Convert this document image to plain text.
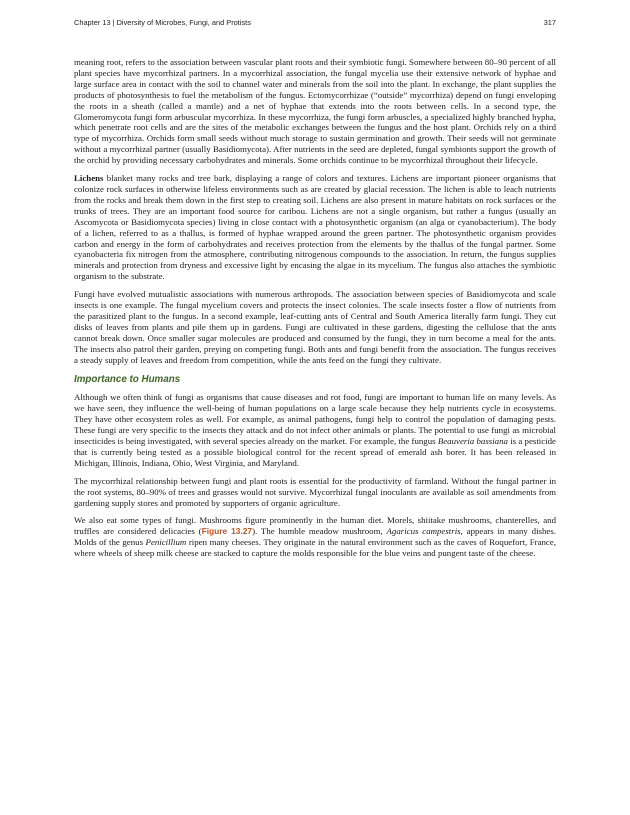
Chapter 13 | Diversity of Microbes, Fungi, and Protists	317

meaning root, refers to the association between vascular plant roots and their symbiotic fungi. Somewhere between 80–90 percent of all plant species have mycorrhizal partners. In a mycorrhizal association, the fungal mycelia use their extensive network of hyphae and large surface area in contact with the soil to channel water and minerals from the soil into the plant. In exchange, the plant supplies the products of photosynthesis to fuel the metabolism of the fungus. Ectomycorrhizae (“outside” mycorrhiza) depend on fungi enveloping the roots in a sheath (called a mantle) and a net of hyphae that extends into the roots between cells. In a second type, the Glomeromycota fungi form arbuscular mycorrhiza. In these mycorrhiza, the fungi form arbuscles, a specialized highly branched hypha, which penetrate root cells and are the sites of the metabolic exchanges between the fungus and the host plant. Orchids rely on a third type of mycorrhiza. Orchids form small seeds without much storage to sustain germination and growth. Their seeds will not germinate without a mycorrhizal partner (usually Basidiomycota). After nutrients in the seed are depleted, fungal symbionts support the growth of the orchid by providing necessary carbohydrates and minerals. Some orchids continue to be mycorrhizal throughout their lifecycle.

Lichens blanket many rocks and tree bark, displaying a range of colors and textures. Lichens are important pioneer organisms that colonize rock surfaces in otherwise lifeless environments such as are created by glacial recession. The lichen is able to leach nutrients from the rocks and break them down in the first step to creating soil. Lichens are also present in mature habitats on rock surfaces or the trunks of trees. They are an important food source for caribou. Lichens are not a single organism, but rather a fungus (usually an Ascomycota or Basidiomycota species) living in close contact with a photosynthetic organism (an alga or cyanobacterium). The body of a lichen, referred to as a thallus, is formed of hyphae wrapped around the green partner. The photosynthetic organism provides carbon and energy in the form of carbohydrates and receives protection from the elements by the thallus of the fungal partner. Some cyanobacteria fix nitrogen from the atmosphere, contributing nitrogenous compounds to the association. In return, the fungus supplies minerals and protection from dryness and excessive light by encasing the algae in its mycelium. The fungus also attaches the symbiotic organism to the substrate.

Fungi have evolved mutualistic associations with numerous arthropods. The association between species of Basidiomycota and scale insects is one example. The fungal mycelium covers and protects the insect colonies. The scale insects foster a flow of nutrients from the parasitized plant to the fungus. In a second example, leaf-cutting ants of Central and South America literally farm fungi. They cut disks of leaves from plants and pile them up in gardens. Fungi are cultivated in these gardens, digesting the cellulose that the ants cannot break down. Once smaller sugar molecules are produced and consumed by the fungi, they in turn become a meal for the ants. The insects also patrol their garden, preying on competing fungi. Both ants and fungi benefit from the association. The fungus receives a steady supply of leaves and freedom from competition, while the ants feed on the fungi they cultivate.

Importance to Humans

Although we often think of fungi as organisms that cause diseases and rot food, fungi are important to human life on many levels. As we have seen, they influence the well-being of human populations on a large scale because they help nutrients cycle in ecosystems. They have other ecosystem roles as well. For example, as animal pathogens, fungi help to control the population of damaging pests. These fungi are very specific to the insects they attack and do not infect other animals or plants. The potential to use fungi as microbial insecticides is being investigated, with several species already on the market. For example, the fungus Beauveria bassiana is a pesticide that is currently being tested as a possible biological control for the recent spread of emerald ash borer. It has been released in Michigan, Illinois, Indiana, Ohio, West Virginia, and Maryland.

The mycorrhizal relationship between fungi and plant roots is essential for the productivity of farmland. Without the fungal partner in the root systems, 80–90% of trees and grasses would not survive. Mycorrhizal fungal inoculants are available as soil amendments from gardening supply stores and promoted by supporters of organic agriculture.

We also eat some types of fungi. Mushrooms figure prominently in the human diet. Morels, shiitake mushrooms, chanterelles, and truffles are considered delicacies (Figure 13.27). The humble meadow mushroom, Agaricus campestris, appears in many dishes. Molds of the genus Penicillium ripen many cheeses. They originate in the natural environment such as the caves of Roquefort, France, where wheels of sheep milk cheese are stacked to capture the molds responsible for the blue veins and pungent taste of the cheese.
